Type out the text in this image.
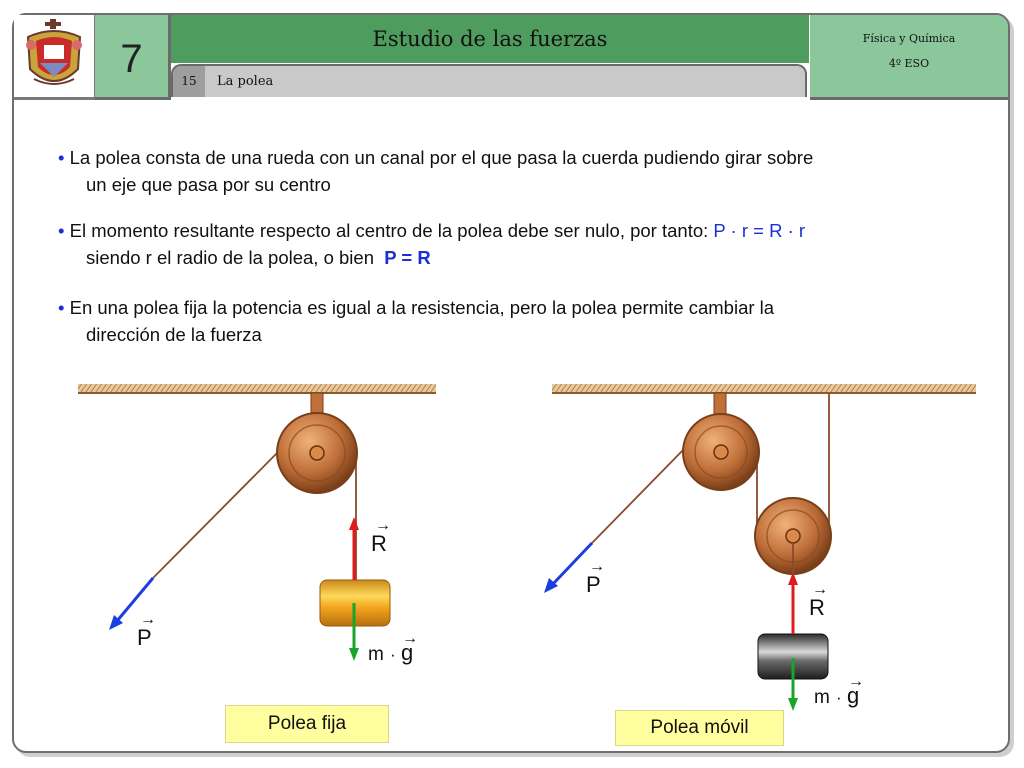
7	Estudio de las fuerzas
15	La polea
Física y Química
4º ESO
• La polea consta de una rueda con un canal por el que pasa la cuerda pudiendo girar sobre
un eje que pasa por su centro
• El momento resultante respecto al centro de la polea debe ser nulo, por tanto: P · r = R · r
siendo r el radio de la polea, o bien P = R
• En una polea fija la potencia es igual a la resistencia, pero la polea permite cambiar la
dirección de la fuerza
→
R
→
P
m ·
→
g
→
P	→
R
m ·
→
g
Polea fija	Polea móvil
